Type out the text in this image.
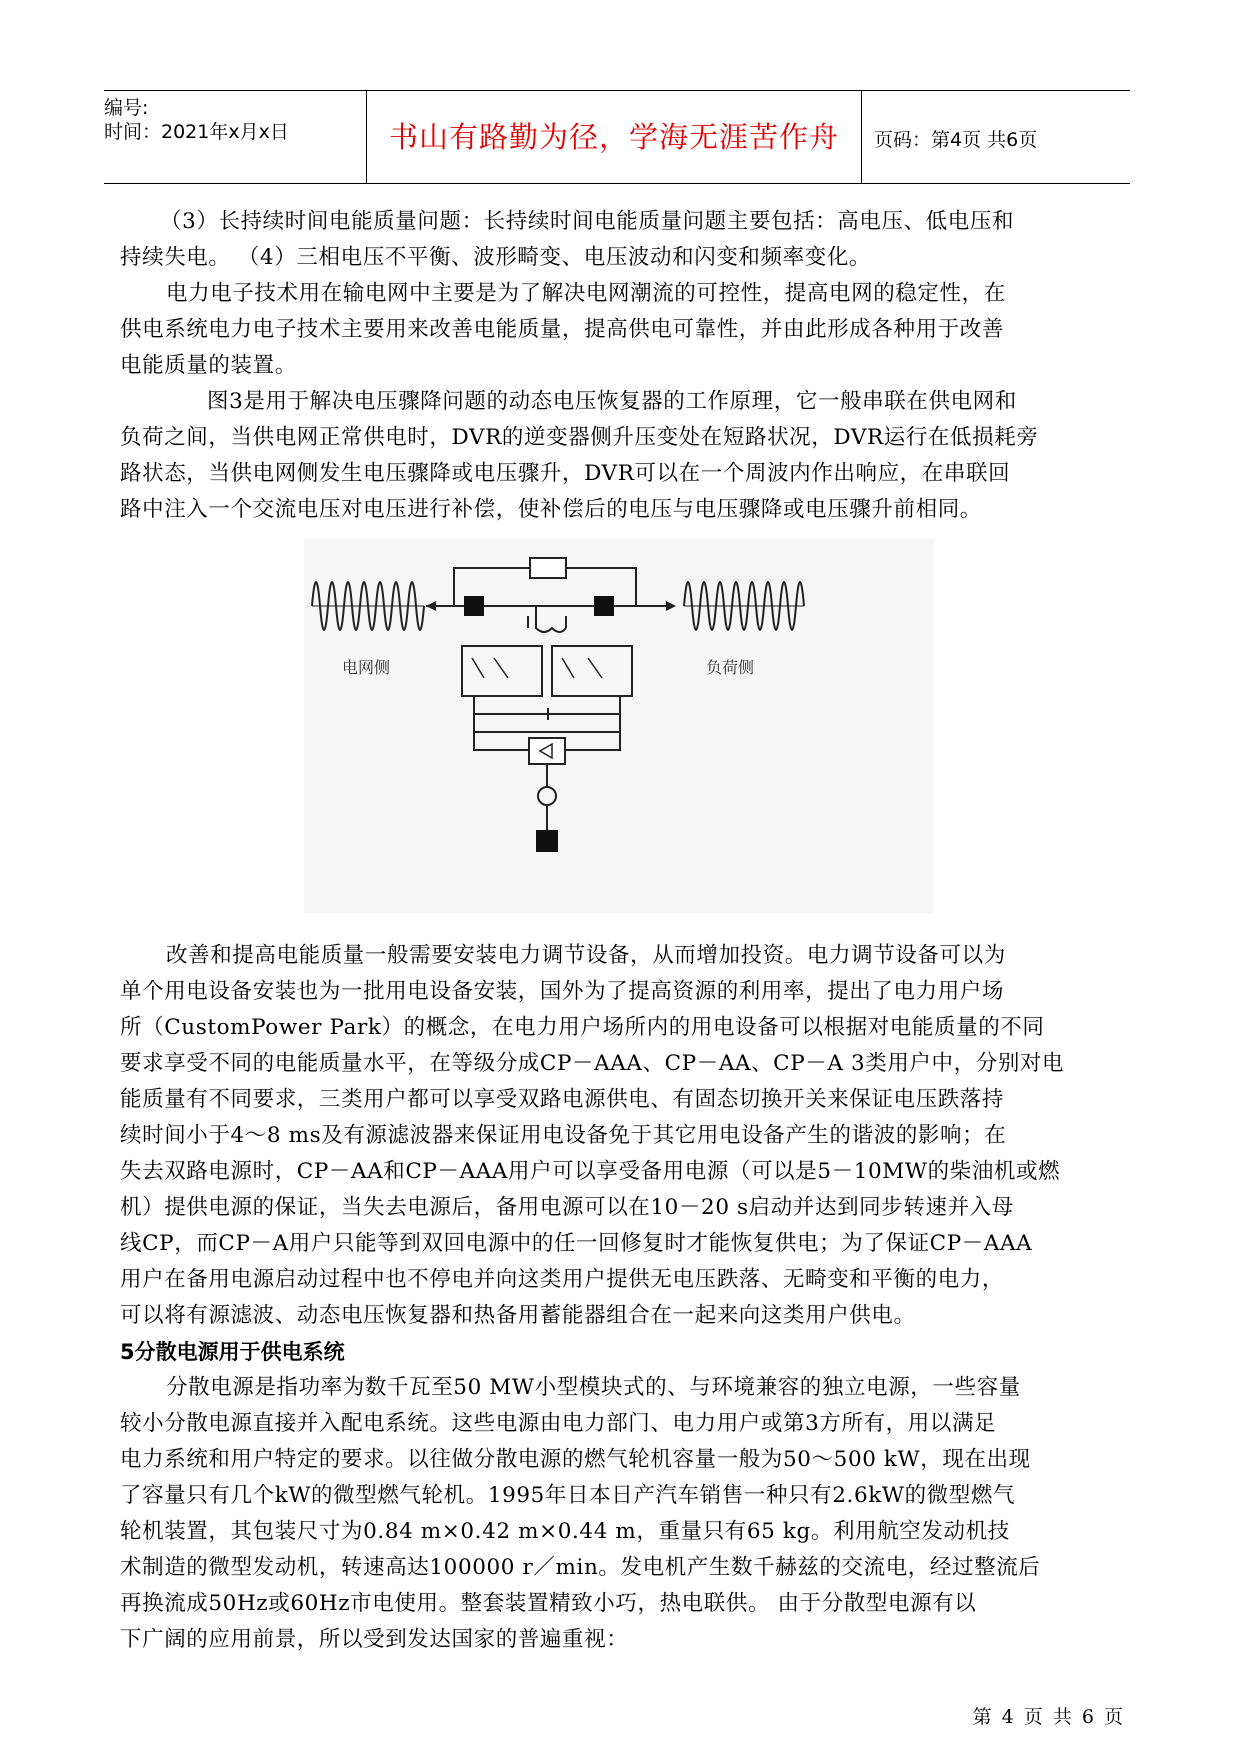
编号:
时间：2021年x月x日	书山有路勤为径，学海无涯苦作舟	页码：第4页 共6页
（3）长持续时间电能质量问题：长持续时间电能质量问题主要包括：高电压、低电压和
持续失电。 （4）三相电压不平衡、波形畸变、电压波动和闪变和频率变化。
电力电子技术用在输电网中主要是为了解决电网潮流的可控性，提高电网的稳定性，在
供电系统电力电子技术主要用来改善电能质量，提高供电可靠性，并由此形成各种用于改善
电能质量的装置。
图3是用于解决电压骤降问题的动态电压恢复器的工作原理，它一般串联在供电网和
负荷之间，当供电网正常供电时，DVR的逆变器侧升压变处在短路状况，DVR运行在低损耗旁
路状态，当供电网侧发生电压骤降或电压骤升，DVR可以在一个周波内作出响应，在串联回
路中注入一个交流电压对电压进行补偿，使补偿后的电压与电压骤降或电压骤升前相同。
电网侧	负荷侧
改善和提高电能质量一般需要安装电力调节设备，从而增加投资。电力调节设备可以为
单个用电设备安装也为一批用电设备安装，国外为了提高资源的利用率，提出了电力用户场
所（CustomPower Park）的概念，在电力用户场所内的用电设备可以根据对电能质量的不同
要求享受不同的电能质量水平，在等级分成CP－AAA、CP－AA、CP－A 3类用户中，分别对电
能质量有不同要求，三类用户都可以享受双路电源供电、有固态切换开关来保证电压跌落持
续时间小于4～8 ms及有源滤波器来保证用电设备免于其它用电设备产生的谐波的影响；在
失去双路电源时，CP－AA和CP－AAA用户可以享受备用电源（可以是5－10MW的柴油机或燃
机）提供电源的保证，当失去电源后，备用电源可以在10－20 s启动并达到同步转速并入母
线CP，而CP－A用户只能等到双回电源中的任一回修复时才能恢复供电；为了保证CP－AAA
用户在备用电源启动过程中也不停电并向这类用户提供无电压跌落、无畸变和平衡的电力，
可以将有源滤波、动态电压恢复器和热备用蓄能器组合在一起来向这类用户供电。
5分散电源用于供电系统
分散电源是指功率为数千瓦至50 MW小型模块式的、与环境兼容的独立电源，一些容量
较小分散电源直接并入配电系统。这些电源由电力部门、电力用户或第3方所有，用以满足
电力系统和用户特定的要求。以往做分散电源的燃气轮机容量一般为50～500 kW，现在出现
了容量只有几个kW的微型燃气轮机。1995年日本日产汽车销售一种只有2.6kW的微型燃气
轮机装置，其包装尺寸为0.84 m×0.42 m×0.44 m，重量只有65 kg。利用航空发动机技
术制造的微型发动机，转速高达100000 r／min。发电机产生数千赫兹的交流电，经过整流后
再换流成50Hz或60Hz市电使用。整套装置精致小巧，热电联供。 由于分散型电源有以
下广阔的应用前景，所以受到发达国家的普遍重视：
第 4 页 共 6 页
